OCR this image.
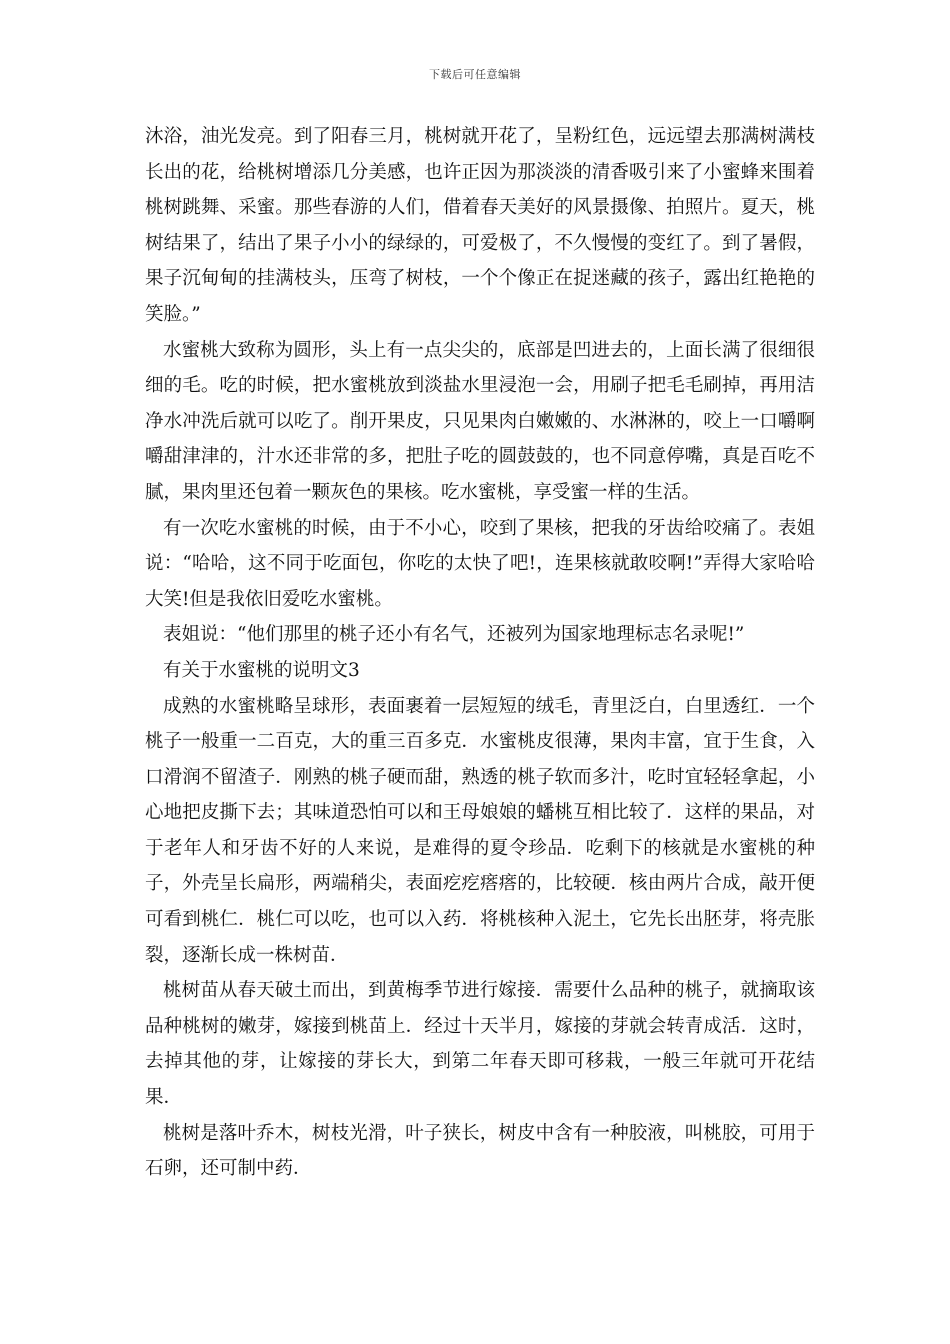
下载后可任意编辑

沐浴，油光发亮。到了阳春三月，桃树就开花了，呈粉红色，远远望去那满树满枝长出的花，给桃树增添几分美感，也许正因为那淡淡的清香吸引来了小蜜蜂来围着桃树跳舞、采蜜。那些春游的人们，借着春天美好的风景摄像、拍照片。夏天，桃树结果了，结出了果子小小的绿绿的，可爱极了，不久慢慢的变红了。到了暑假，果子沉甸甸的挂满枝头，压弯了树枝，一个个像正在捉迷藏的孩子，露出红艳艳的笑脸。”

水蜜桃大致称为圆形，头上有一点尖尖的，底部是凹进去的，上面长满了很细很细的毛。吃的时候，把水蜜桃放到淡盐水里浸泡一会，用刷子把毛毛刷掉，再用洁净水冲洗后就可以吃了。削开果皮，只见果肉白嫩嫩的、水淋淋的，咬上一口嚼啊嚼甜津津的，汁水还非常的多，把肚子吃的圆鼓鼓的，也不同意停嘴，真是百吃不腻，果肉里还包着一颗灰色的果核。吃水蜜桃，享受蜜一样的生活。

有一次吃水蜜桃的时候，由于不小心，咬到了果核，把我的牙齿给咬痛了。表姐说：“哈哈，这不同于吃面包，你吃的太快了吧!，连果核就敢咬啊!”弄得大家哈哈大笑!但是我依旧爱吃水蜜桃。

表姐说：“他们那里的桃子还小有名气，还被列为国家地理标志名录呢!”

有关于水蜜桃的说明文3

成熟的水蜜桃略呈球形，表面裹着一层短短的绒毛，青里泛白，白里透红．一个桃子一般重一二百克，大的重三百多克．水蜜桃皮很薄，果肉丰富，宜于生食，入口滑润不留渣子．刚熟的桃子硬而甜，熟透的桃子软而多汁，吃时宜轻轻拿起，小心地把皮撕下去；其味道恐怕可以和王母娘娘的蟠桃互相比较了．这样的果品，对于老年人和牙齿不好的人来说，是难得的夏令珍品．吃剩下的核就是水蜜桃的种子，外壳呈长扁形，两端稍尖，表面疙疙瘩瘩的，比较硬．核由两片合成，敲开便可看到桃仁．桃仁可以吃，也可以入药．将桃核种入泥土，它先长出胚芽，将壳胀裂，逐渐长成一株树苗．

桃树苗从春天破土而出，到黄梅季节进行嫁接．需要什么品种的桃子，就摘取该品种桃树的嫩芽，嫁接到桃苗上．经过十天半月，嫁接的芽就会转青成活．这时，去掉其他的芽，让嫁接的芽长大，到第二年春天即可移栽，一般三年就可开花结果．

桃树是落叶乔木，树枝光滑，叶子狭长，树皮中含有一种胶液，叫桃胶，可用于石卵，还可制中药．
